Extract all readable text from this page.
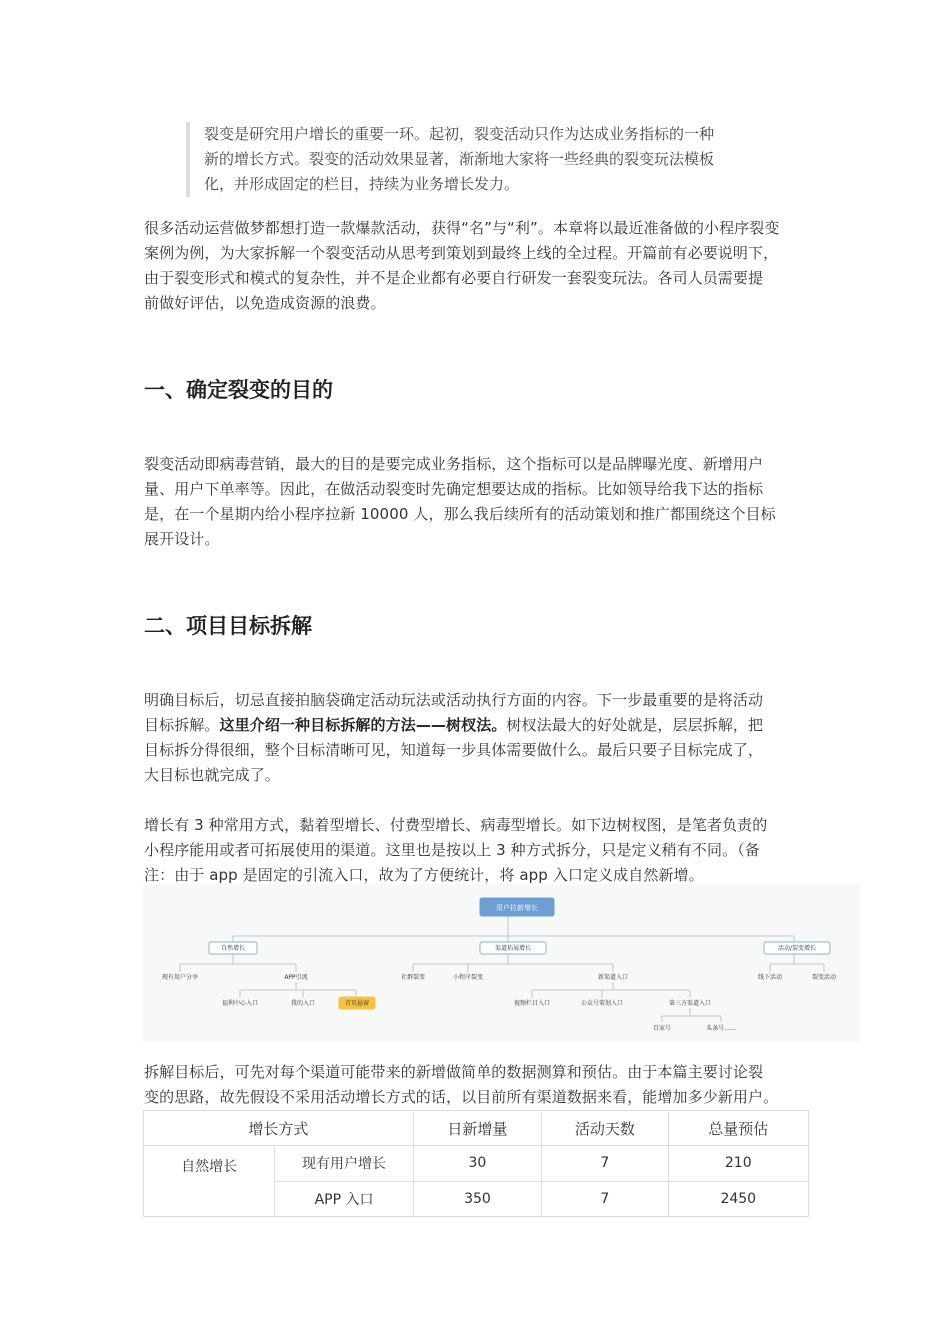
裂变是研究用户增长的重要一环。起初，裂变活动只作为达成业务指标的一种
新的增长方式。裂变的活动效果显著，渐渐地大家将一些经典的裂变玩法模板
化，并形成固定的栏目，持续为业务增长发力。
很多活动运营做梦都想打造一款爆款活动，获得“名”与“利”。本章将以最近准备做的小程序裂变
案例为例，为大家拆解一个裂变活动从思考到策划到最终上线的全过程。开篇前有必要说明下，
由于裂变形式和模式的复杂性，并不是企业都有必要自行研发一套裂变玩法。各司人员需要提
前做好评估，以免造成资源的浪费。
一、确定裂变的目的
裂变活动即病毒营销，最大的目的是要完成业务指标，这个指标可以是品牌曝光度、新增用户
量、用户下单率等。因此，在做活动裂变时先确定想要达成的指标。比如领导给我下达的指标
是，在一个星期内给小程序拉新 10000 人，那么我后续所有的活动策划和推广都围绕这个目标
展开设计。
二、项目目标拆解
明确目标后，切忌直接拍脑袋确定活动玩法或活动执行方面的内容。下一步最重要的是将活动
目标拆解。这里介绍一种目标拆解的方法——树杈法。树杈法最大的好处就是，层层拆解，把
目标拆分得很细，整个目标清晰可见，知道每一步具体需要做什么。最后只要子目标完成了，
大目标也就完成了。
增长有 3 种常用方式，黏着型增长、付费型增长、病毒型增长。如下边树杈图，是笔者负责的
小程序能用或者可拓展使用的渠道。这里也是按以上 3 种方式拆分，只是定义稍有不同。（备
注：由于 app 是固定的引流入口，故为了方便统计，将 app 入口定义成自然新增。
用户拉新增长
自然增长	渠道拓展增长	活动/裂变增长
现有用户分享	APP引流
福利中心入口	我的入口	首页悬窗
社群裂变	小程序裂变	新渠道入口
视频栏目入口	公众号策划入口	第三方渠道入口
百家号	头条号......
线下活动	裂变活动
拆解目标后，可先对每个渠道可能带来的新增做简单的数据测算和预估。由于本篇主要讨论裂
变的思路，故先假设不采用活动增长方式的话，以目前所有渠道数据来看，能增加多少新用户。
增长方式		日新增量	活动天数	总量预估
自然增长	现有用户增长	30	7	210
	APP 入口	350	7	2450
